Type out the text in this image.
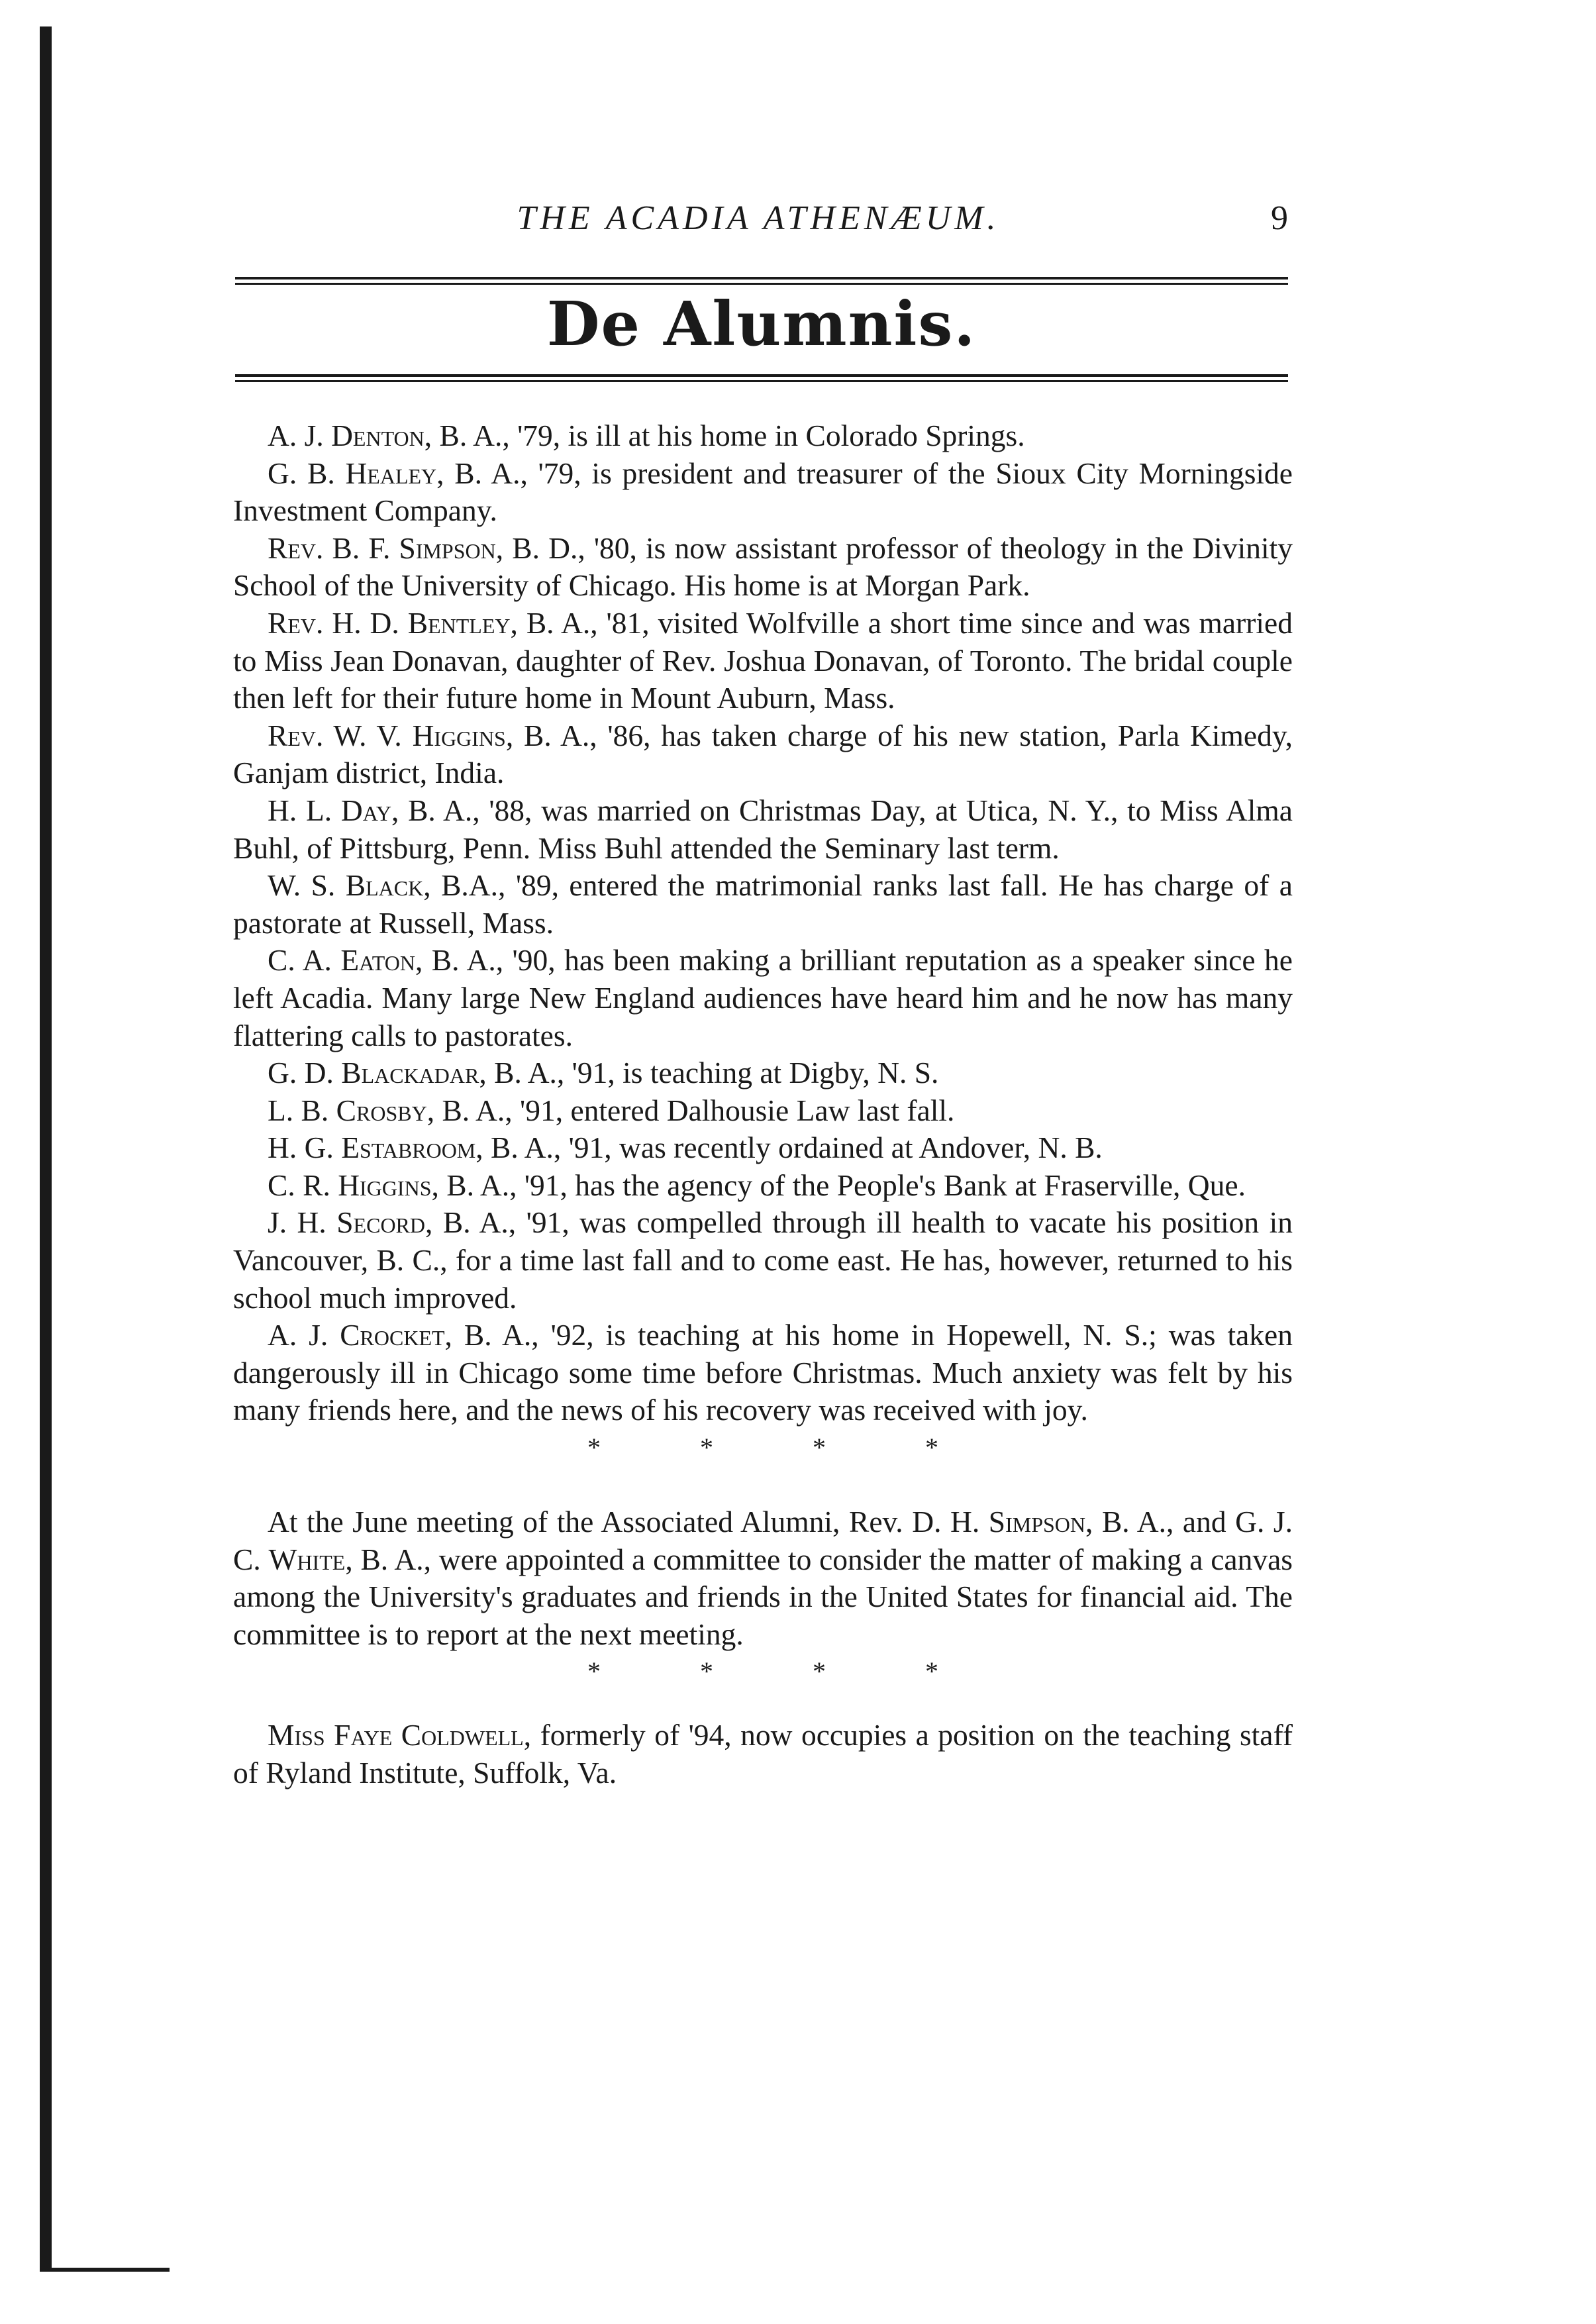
THE ACADIA ATHENÆUM.	9
De Alumnis.

A. J. Denton, B. A., '79, is ill at his home in Colorado Springs.

G. B. Healey, B. A., '79, is president and treasurer of the Sioux City Morningside Investment Company.

Rev. B. F. Simpson, B. D., '80, is now assistant professor of theology in the Divinity School of the University of Chicago. His home is at Morgan Park.

Rev. H. D. Bentley, B. A., '81, visited Wolfville a short time since and was married to Miss Jean Donavan, daughter of Rev. Joshua Donavan, of Toronto. The bridal couple then left for their future home in Mount Auburn, Mass.

Rev. W. V. Higgins, B. A., '86, has taken charge of his new station, Parla Kimedy, Ganjam district, India.

H. L. Day, B. A., '88, was married on Christmas Day, at Utica, N. Y., to Miss Alma Buhl, of Pittsburg, Penn. Miss Buhl attended the Seminary last term.

W. S. Black, B.A., '89, entered the matrimonial ranks last fall. He has charge of a pastorate at Russell, Mass.

C. A. Eaton, B. A., '90, has been making a brilliant reputation as a speaker since he left Acadia. Many large New England audiences have heard him and he now has many flattering calls to pastorates.

G. D. Blackadar, B. A., '91, is teaching at Digby, N. S.

L. B. Crosby, B. A., '91, entered Dalhousie Law last fall.

H. G. Estabroom, B. A., '91, was recently ordained at Andover, N. B.

C. R. Higgins, B. A., '91, has the agency of the People's Bank at Fraserville, Que.

J. H. Secord, B. A., '91, was compelled through ill health to vacate his position in Vancouver, B. C., for a time last fall and to come east. He has, however, returned to his school much improved.

A. J. Crocket, B. A., '92, is teaching at his home in Hopewell, N. S.; was taken dangerously ill in Chicago some time before Christmas. Much anxiety was felt by his many friends here, and the news of his recovery was received with joy.

* * * *

At the June meeting of the Associated Alumni, Rev. D. H. Simpson, B. A., and G. J. C. White, B. A., were appointed a committee to consider the matter of making a canvas among the University's graduates and friends in the United States for financial aid. The committee is to report at the next meeting.

* * * *

Miss Faye Coldwell, formerly of '94, now occupies a position on the teaching staff of Ryland Institute, Suffolk, Va.
